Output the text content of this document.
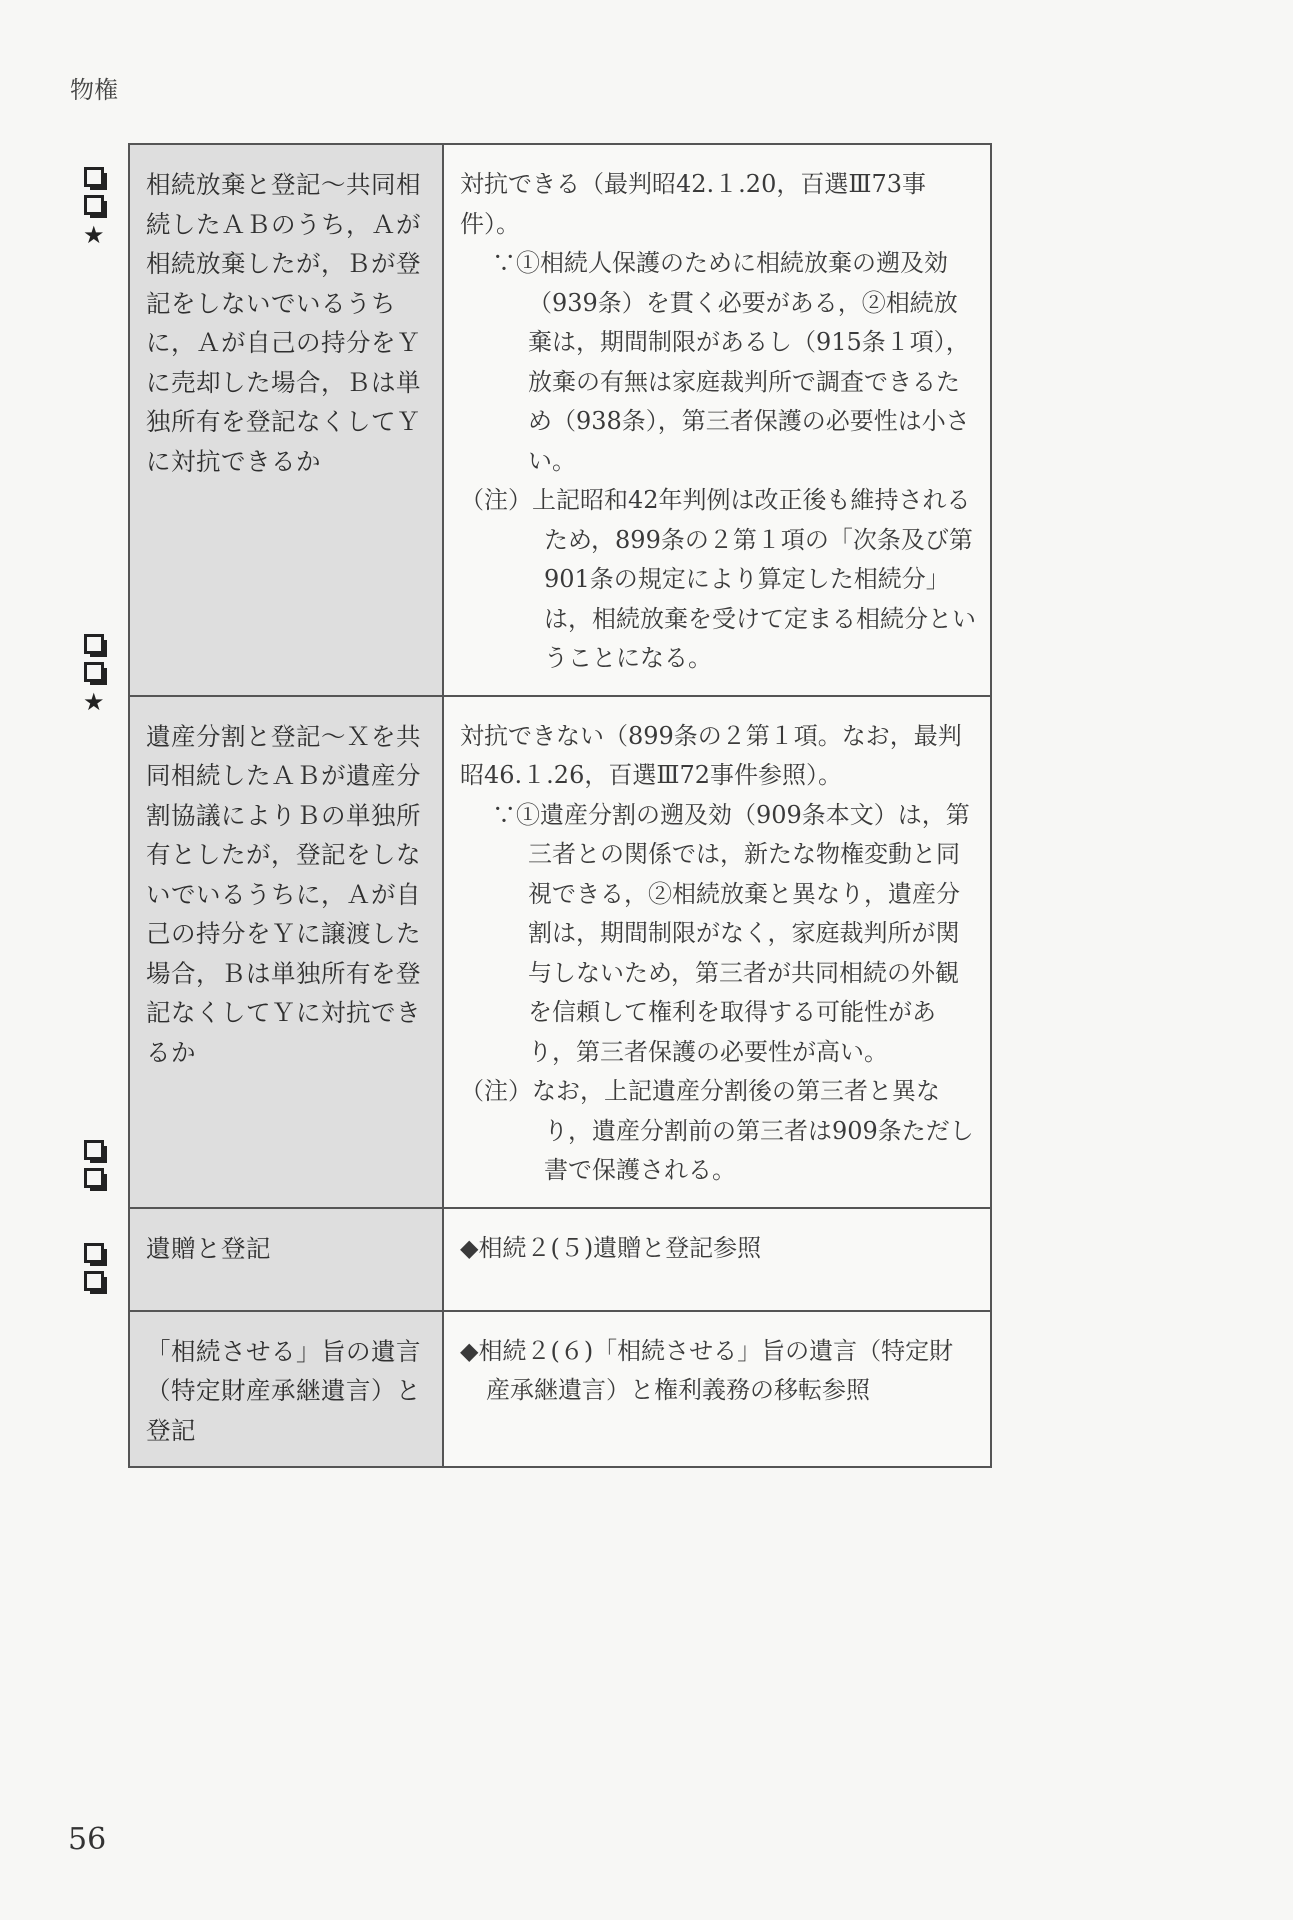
物権
★
★
相続放棄と登記〜共同相続したＡＢのうち，Ａが相続放棄したが，Ｂが登記をしないでいるうちに，Ａが自己の持分をＹに売却した場合，Ｂは単独所有を登記なくしてＹに対抗できるか	対抗できる（最判昭42.１.20，百選Ⅲ73事件）。
∵①相続人保護のために相続放棄の遡及効（939条）を貫く必要がある，②相続放棄は，期間制限があるし（915条１項），放棄の有無は家庭裁判所で調査できるため（938条），第三者保護の必要性は小さい。
（注）上記昭和42年判例は改正後も維持されるため，899条の２第１項の「次条及び第901条の規定により算定した相続分」は，相続放棄を受けて定まる相続分ということになる。

遺産分割と登記〜Ｘを共同相続したＡＢが遺産分割協議によりＢの単独所有としたが，登記をしないでいるうちに，Ａが自己の持分をＹに譲渡した場合，Ｂは単独所有を登記なくしてＹに対抗できるか	対抗できない（899条の２第１項。なお，最判昭46.１.26，百選Ⅲ72事件参照）。
∵①遺産分割の遡及効（909条本文）は，第三者との関係では，新たな物権変動と同視できる，②相続放棄と異なり，遺産分割は，期間制限がなく，家庭裁判所が関与しないため，第三者が共同相続の外観を信頼して権利を取得する可能性があり，第三者保護の必要性が高い。
（注）なお，上記遺産分割後の第三者と異なり，遺産分割前の第三者は909条ただし書で保護される。

遺贈と登記	◆相続２(５)遺贈と登記参照

「相続させる」旨の遺言（特定財産承継遺言）と登記	◆相続２(６)「相続させる」旨の遺言（特定財産承継遺言）と権利義務の移転参照
56
